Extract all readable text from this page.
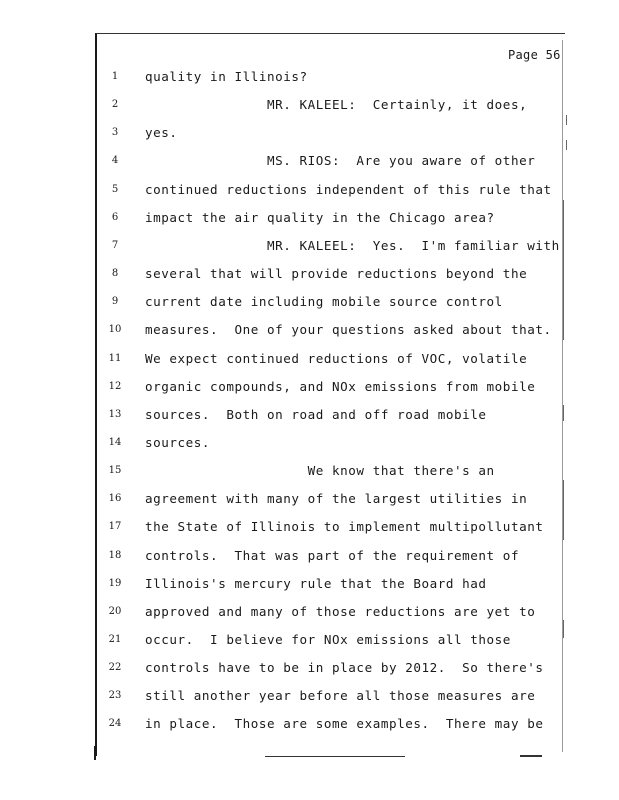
Page 56
1	quality in Illinois?
2	MR. KALEEL:  Certainly, it does,
3	yes.
4	MS. RIOS:  Are you aware of other
5	continued reductions independent of this rule that
6	impact the air quality in the Chicago area?
7	MR. KALEEL:  Yes.  I'm familiar with
8	several that will provide reductions beyond the
9	current date including mobile source control
10 measures.  One of your questions asked about that.
11 We expect continued reductions of VOC, volatile
12 organic compounds, and NOx emissions from mobile
13 sources.  Both on road and off road mobile
14 sources.
15 We know that there's an
16 agreement with many of the largest utilities in
17 the State of Illinois to implement multipollutant
18 controls.  That was part of the requirement of
19 Illinois's mercury rule that the Board had
20 approved and many of those reductions are yet to
21 occur.  I believe for NOx emissions all those
22 controls have to be in place by 2012.  So there's
23 still another year before all those measures are
24 in place.  Those are some examples.  There may be
